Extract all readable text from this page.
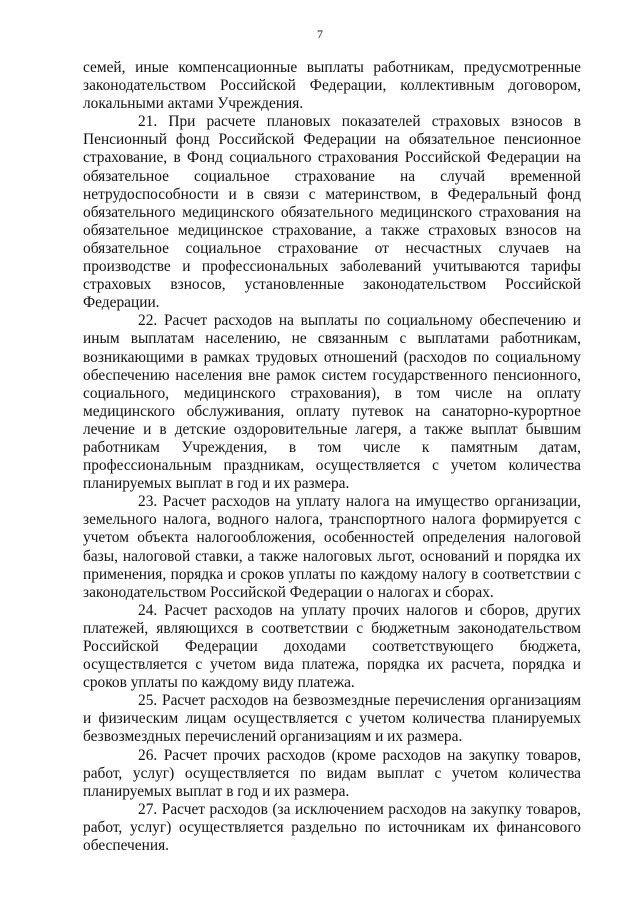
7

семей, иные компенсационные выплаты работникам, предусмотренные законодательством Российской Федерации, коллективным договором, локальными актами Учреждения.

21. При расчете плановых показателей страховых взносов в Пенсионный фонд Российской Федерации на обязательное пенсионное страхование, в Фонд социального страхования Российской Федерации на обязательное социальное страхование на случай временной нетрудоспособности и в связи с материнством, в Федеральный фонд обязательного медицинского обязательного медицинского страхования на обязательное медицинское страхование, а также страховых взносов на обязательное социальное страхование от несчастных случаев на производстве и профессиональных заболеваний учитываются тарифы страховых взносов, установленные законодательством Российской Федерации.

22. Расчет расходов на выплаты по социальному обеспечению и иным выплатам населению, не связанным с выплатами работникам, возникающими в рамках трудовых отношений (расходов по социальному обеспечению населения вне рамок систем государственного пенсионного, социального, медицинского страхования), в том числе на оплату медицинского обслуживания, оплату путевок на санаторно-курортное лечение и в детские оздоровительные лагеря, а также выплат бывшим работникам Учреждения, в том числе к памятным датам, профессиональным праздникам, осуществляется с учетом количества планируемых выплат в год и их размера.

23. Расчет расходов на уплату налога на имущество организации, земельного налога, водного налога, транспортного налога формируется с учетом объекта налогообложения, особенностей определения налоговой базы, налоговой ставки, а также налоговых льгот, оснований и порядка их применения, порядка и сроков уплаты по каждому налогу в соответствии с законодательством Российской Федерации о налогах и сборах.

24. Расчет расходов на уплату прочих налогов и сборов, других платежей, являющихся в соответствии с бюджетным законодательством Российской Федерации доходами соответствующего бюджета, осуществляется с учетом вида платежа, порядка их расчета, порядка и сроков уплаты по каждому виду платежа.

25. Расчет расходов на безвозмездные перечисления организациям и физическим лицам осуществляется с учетом количества планируемых безвозмездных перечислений организациям и их размера.

26. Расчет прочих расходов (кроме расходов на закупку товаров, работ, услуг) осуществляется по видам выплат с учетом количества планируемых выплат в год и их размера.

27. Расчет расходов (за исключением расходов на закупку товаров, работ, услуг) осуществляется раздельно по источникам их финансового обеспечения.
